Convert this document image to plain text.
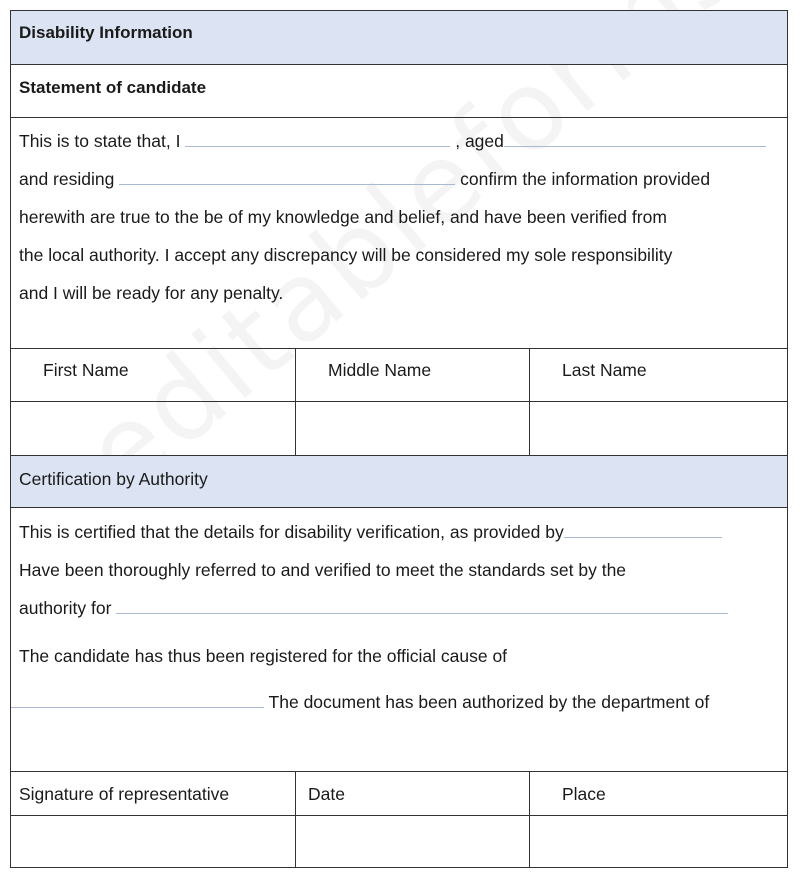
Disability Information
Statement of candidate
This is to state that, I	, aged
and residing	confirm the information provided
herewith are true to the be of my knowledge and belief, and have been verified from
the local authority. I accept any discrepancy will be considered my sole responsibility
and I will be ready for any penalty.
First Name	Middle Name	Last Name
Certification by Authority
This is certified that the details for disability verification, as provided by
Have been thoroughly referred to and verified to meet the standards set by the
authority for
The candidate has thus been registered for the official cause of
The document has been authorized by the department of
Signature of representative	Date	Place
